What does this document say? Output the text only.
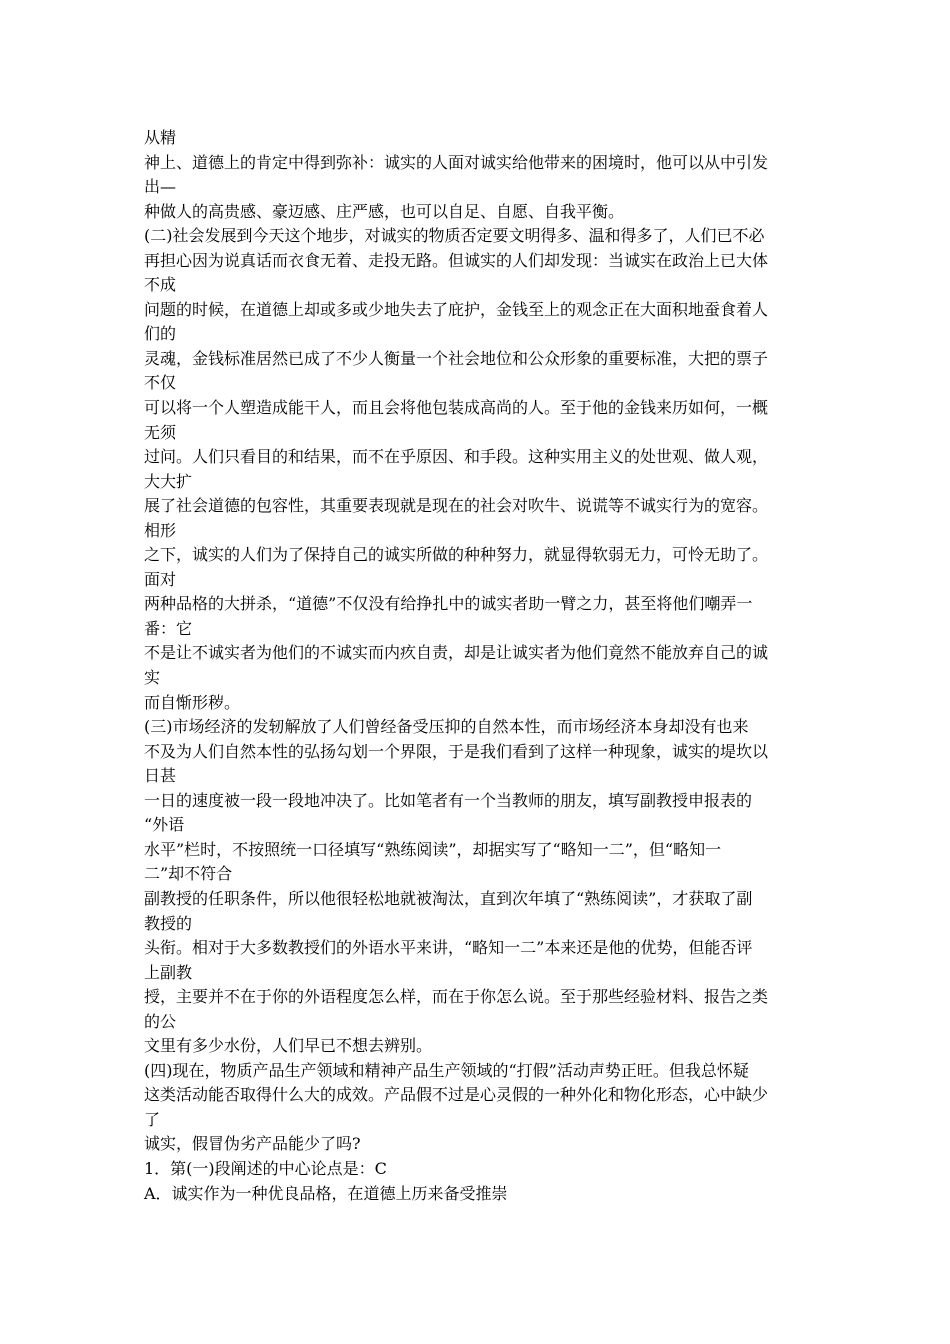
从精
神上、道德上的肯定中得到弥补：诚实的人面对诚实给他带来的困境时，他可以从中引发
出—
种做人的高贵感、豪迈感、庄严感，也可以自足、自愿、自我平衡。
(二)社会发展到今天这个地步，对诚实的物质否定要文明得多、温和得多了，人们已不必
再担心因为说真话而衣食无着、走投无路。但诚实的人们却发现：当诚实在政治上已大体
不成
问题的时候，在道德上却或多或少地失去了庇护，金钱至上的观念正在大面积地蚕食着人
们的
灵魂，金钱标准居然已成了不少人衡量一个社会地位和公众形象的重要标准，大把的票子
不仅
可以将一个人塑造成能干人，而且会将他包装成高尚的人。至于他的金钱来历如何，一概
无须
过问。人们只看目的和结果，而不在乎原因、和手段。这种实用主义的处世观、做人观，
大大扩
展了社会道德的包容性，其重要表现就是现在的社会对吹牛、说谎等不诚实行为的宽容。
相形
之下，诚实的人们为了保持自己的诚实所做的种种努力，就显得软弱无力，可怜无助了。
面对
两种品格的大拼杀，“道德”不仅没有给挣扎中的诚实者助一臂之力，甚至将他们嘲弄一
番：它
不是让不诚实者为他们的不诚实而内疚自责，却是让诚实者为他们竟然不能放弃自己的诚
实
而自惭形秽。
(三)市场经济的发轫解放了人们曾经备受压抑的自然本性，而市场经济本身却没有也来
不及为人们自然本性的弘扬勾划一个界限，于是我们看到了这样一种现象，诚实的堤坎以
日甚
一日的速度被一段一段地冲决了。比如笔者有一个当教师的朋友，填写副教授申报表的
“外语
水平”栏时，不按照统一口径填写“熟练阅读”，却据实写了“略知一二”，但“略知一
二”却不符合
副教授的任职条件，所以他很轻松地就被淘汰，直到次年填了“熟练阅读”，才获取了副
教授的
头衔。相对于大多数教授们的外语水平来讲，“略知一二”本来还是他的优势，但能否评
上副教
授，主要并不在于你的外语程度怎么样，而在于你怎么说。至于那些经验材料、报告之类
的公
文里有多少水份，人们早已不想去辨别。
(四)现在，物质产品生产领域和精神产品生产领域的“打假”活动声势正旺。但我总怀疑
这类活动能否取得什么大的成效。产品假不过是心灵假的一种外化和物化形态，心中缺少
了
诚实，假冒伪劣产品能少了吗?
1．第(一)段阐述的中心论点是：C
A．诚实作为一种优良品格，在道德上历来备受推崇
